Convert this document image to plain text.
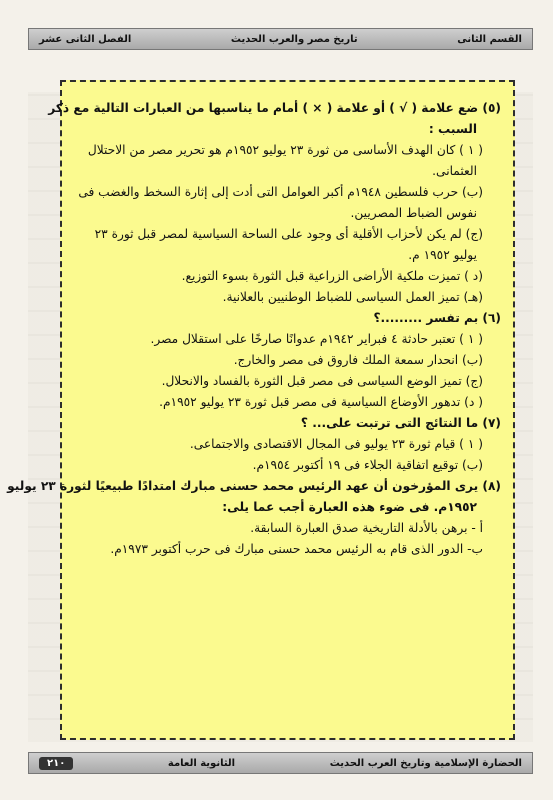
القسم الثانى
تاريخ مصر والعرب الحديث
الفصل الثانى عشر
(٥) ضع علامة ( √ ) أو علامة ( × ) أمام ما يناسبها من العبارات التالية مع ذكر
السبب :
( ١ ) كان الهدف الأساسى من ثورة ٢٣ يوليو ١٩٥٢م هو تحرير مصر من الاحتلال
العثمانى.
(ب) حرب فلسطين ١٩٤٨م أكبر العوامل التى أدت إلى إثارة السخط والغضب فى
نفوس الضباط المصريين.
(ج) لم يكن لأحزاب الأقلية أى وجود على الساحة السياسية لمصر قبل ثورة ٢٣
يوليو ١٩٥٢ م.
(د ) تميزت ملكية الأراضى الزراعية قبل الثورة بسوء التوزيع.
(هـ) تميز العمل السياسى للضباط الوطنيين بالعلانية.
(٦) بم تفسر .........؟
( ١ ) تعتبر حادثة ٤ فبراير ١٩٤٢م عدوانًا صارخًا على استقلال مصر.
(ب) انحدار سمعة الملك فاروق فى مصر والخارج.
(ج) تميز الوضع السياسى فى مصر قبل الثورة بالفساد والانحلال.
( د) تدهور الأوضاع السياسية فى مصر قبل ثورة ٢٣ يوليو ١٩٥٢م.
(٧) ما النتائج التى ترتبت على... ؟
( ١ ) قيام ثورة ٢٣ يوليو فى المجال الاقتصادى والاجتماعى.
(ب) توقيع اتفاقية الجلاء فى ١٩ أكتوبر ١٩٥٤م.
(٨) يرى المؤرخون أن عهد الرئيس محمد حسنى مبارك امتدادًا طبيعيًا لثورة ٢٣ يوليو
١٩٥٢م. فى ضوء هذه العبارة أجب عما يلى:
أ - برهن بالأدلة التاريخية صدق العبارة السابقة.
ب- الدور الذى قام به الرئيس محمد حسنى مبارك فى حرب أكتوبر ١٩٧٣م.
الحضارة الإسلامية وتاريخ العرب الحديث
الثانوية العامة
٢١٠
